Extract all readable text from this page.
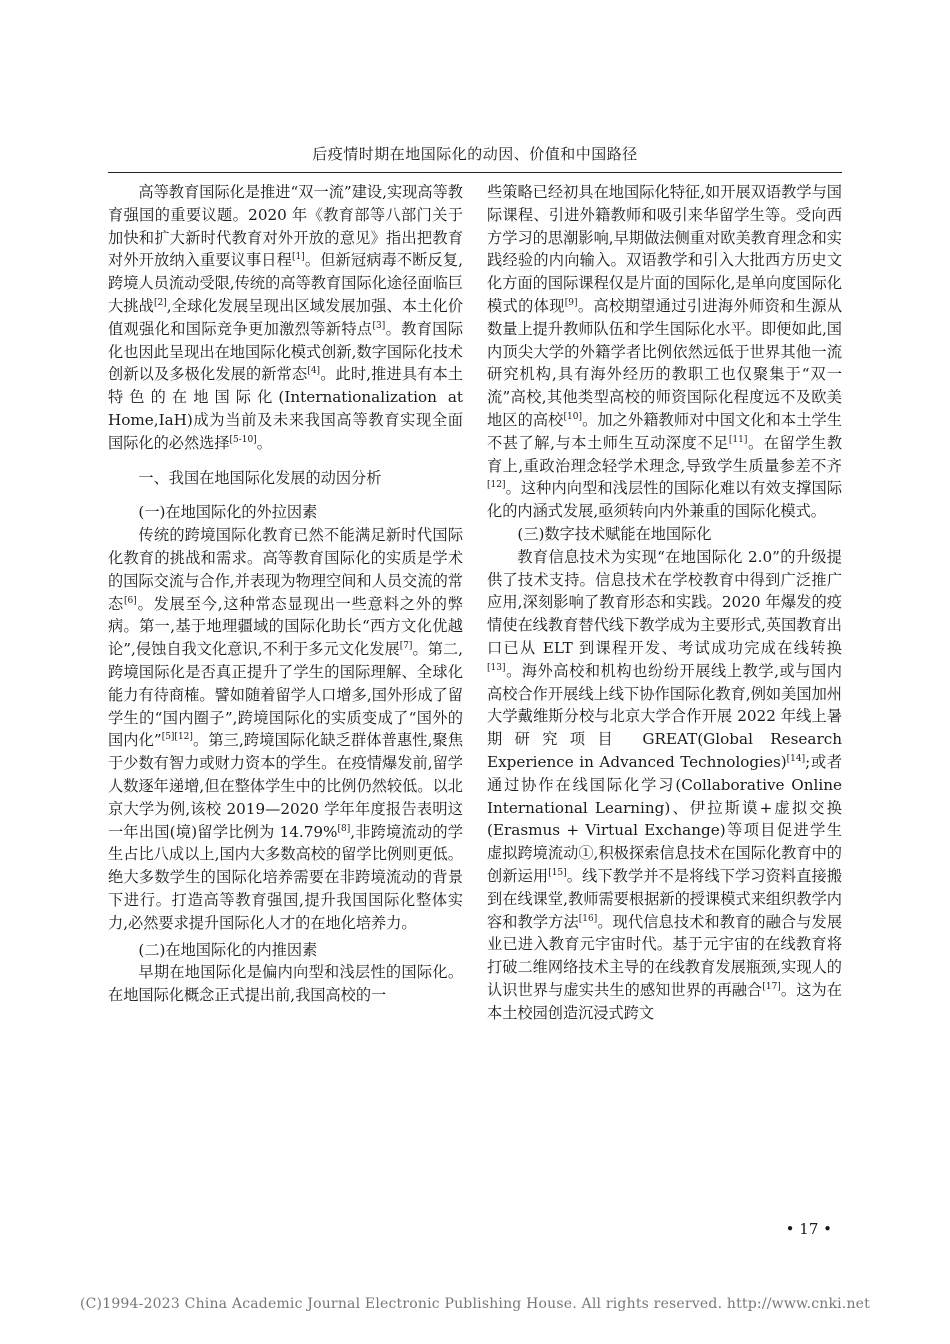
后疫情时期在地国际化的动因、价值和中国路径

高等教育国际化是推进“双一流”建设,实现高等教育强国的重要议题。2020 年《教育部等八部门关于加快和扩大新时代教育对外开放的意见》指出把教育对外开放纳入重要议事日程[1]。但新冠病毒不断反复,跨境人员流动受限,传统的高等教育国际化途径面临巨大挑战[2],全球化发展呈现出区域发展加强、本土化价值观强化和国际竞争更加激烈等新特点[3]。教育国际化也因此呈现出在地国际化模式创新,数字国际化技术创新以及多极化发展的新常态[4]。此时,推进具有本土特色的在地国际化(Internationalization at Home,IaH)成为当前及未来我国高等教育实现全面国际化的必然选择[5-10]。

一、我国在地国际化发展的动因分析

(一)在地国际化的外拉因素

传统的跨境国际化教育已然不能满足新时代国际化教育的挑战和需求。高等教育国际化的实质是学术的国际交流与合作,并表现为物理空间和人员交流的常态[6]。发展至今,这种常态显现出一些意料之外的弊病。第一,基于地理疆域的国际化助长“西方文化优越论”,侵蚀自我文化意识,不利于多元文化发展[7]。第二,跨境国际化是否真正提升了学生的国际理解、全球化能力有待商榷。譬如随着留学人口增多,国外形成了留学生的“国内圈子”,跨境国际化的实质变成了“国外的国内化”[5][12]。第三,跨境国际化缺乏群体普惠性,聚焦于少数有智力或财力资本的学生。在疫情爆发前,留学人数逐年递增,但在整体学生中的比例仍然较低。以北京大学为例,该校 2019—2020 学年年度报告表明这一年出国(境)留学比例为 14.79%[8],非跨境流动的学生占比八成以上,国内大多数高校的留学比例则更低。绝大多数学生的国际化培养需要在非跨境流动的背景下进行。打造高等教育强国,提升我国国际化整体实力,必然要求提升国际化人才的在地化培养力。

(二)在地国际化的内推因素

早期在地国际化是偏内向型和浅层性的国际化。在地国际化概念正式提出前,我国高校的一

些策略已经初具在地国际化特征,如开展双语教学与国际课程、引进外籍教师和吸引来华留学生等。受向西方学习的思潮影响,早期做法侧重对欧美教育理念和实践经验的内向输入。双语教学和引入大批西方历史文化方面的国际课程仅是片面的国际化,是单向度国际化模式的体现[9]。高校期望通过引进海外师资和生源从数量上提升教师队伍和学生国际化水平。即便如此,国内顶尖大学的外籍学者比例依然远低于世界其他一流研究机构,具有海外经历的教职工也仅聚集于“双一流”高校,其他类型高校的师资国际化程度远不及欧美地区的高校[10]。加之外籍教师对中国文化和本土学生不甚了解,与本土师生互动深度不足[11]。在留学生教育上,重政治理念轻学术理念,导致学生质量参差不齐[12]。这种内向型和浅层性的国际化难以有效支撑国际化的内涵式发展,亟须转向内外兼重的国际化模式。

(三)数字技术赋能在地国际化

教育信息技术为实现“在地国际化 2.0”的升级提供了技术支持。信息技术在学校教育中得到广泛推广应用,深刻影响了教育形态和实践。2020 年爆发的疫情使在线教育替代线下教学成为主要形式,英国教育出口已从 ELT 到课程开发、考试成功完成在线转换[13]。海外高校和机构也纷纷开展线上教学,或与国内高校合作开展线上线下协作国际化教育,例如美国加州大学戴维斯分校与北京大学合作开展 2022 年线上暑期研究项目 GREAT(Global Research Experience in Advanced Technologies)[14];或者通过协作在线国际化学习(Collaborative Online International Learning)、伊拉斯谟+虚拟交换(Erasmus + Virtual Exchange)等项目促进学生虚拟跨境流动①,积极探索信息技术在国际化教育中的创新运用[15]。线下教学并不是将线下学习资料直接搬到在线课堂,教师需要根据新的授课模式来组织教学内容和教学方法[16]。现代信息技术和教育的融合与发展业已进入教育元宇宙时代。基于元宇宙的在线教育将打破二维网络技术主导的在线教育发展瓶颈,实现人的认识世界与虚实共生的感知世界的再融合[17]。这为在本土校园创造沉浸式跨文

• 17 •
(C)1994-2023 China Academic Journal Electronic Publishing House. All rights reserved. http://www.cnki.net
